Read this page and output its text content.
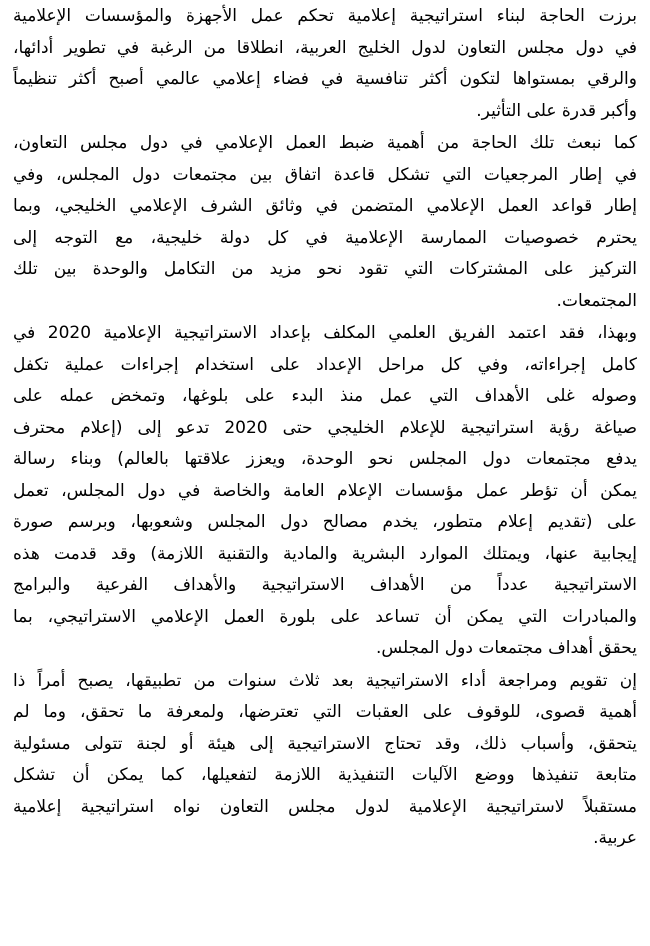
برزت الحاجة لبناء استراتيجية إعلامية تحكم عمل الأجهزة والمؤسسات الإعلامية
في دول مجلس التعاون لدول الخليج العربية، انطلاقا من الرغبة في تطوير أدائها،
والرقي بمستواها لتكون أكثر تنافسية في فضاء إعلامي عالمي أصبح أكثر تنظيماً
وأكبر قدرة على التأثير.

كما نبعث تلك الحاجة من أهمية ضبط العمل الإعلامي في دول مجلس التعاون،
في إطار المرجعيات التي تشكل قاعدة اتفاق بين مجتمعات دول المجلس، وفي
إطار قواعد العمل الإعلامي المتضمن في وثائق الشرف الإعلامي الخليجي، وبما
يحترم خصوصيات الممارسة الإعلامية في كل دولة خليجية، مع التوجه إلى
التركيز على المشتركات التي تقود نحو مزيد من التكامل والوحدة بين تلك
المجتمعات.

وبهذا، فقد اعتمد الفريق العلمي المكلف بإعداد الاستراتيجية الإعلامية 2020 في
كامل إجراءاته، وفي كل مراحل الإعداد على استخدام إجراءات عملية تكفل
وصوله غلى الأهداف التي عمل منذ البدء على بلوغها، وتمخض عمله على
صياغة رؤية استراتيجية للإعلام الخليجي حتى 2020 تدعو إلى (إعلام محترف
يدفع مجتمعات دول المجلس نحو الوحدة، ويعزز علاقتها بالعالم) وبناء رسالة
يمكن أن تؤطر عمل مؤسسات الإعلام العامة والخاصة في دول المجلس، تعمل
على (تقديم إعلام متطور، يخدم مصالح دول المجلس وشعوبها، وبرسم صورة
إيجابية عنها، ويمتلك الموارد البشرية والمادية والتقنية اللازمة) وقد قدمت هذه
الاستراتيجية عدداً من الأهداف الاستراتيجية والأهداف الفرعية والبرامج
والمبادرات التي يمكن أن تساعد على بلورة العمل الإعلامي الاستراتيجي، بما
يحقق أهداف مجتمعات دول المجلس.

إن تقويم ومراجعة أداء الاستراتيجية بعد ثلاث سنوات من تطبيقها، يصبح أمراً ذا
أهمية قصوى، للوقوف على العقبات التي تعترضها، ولمعرفة ما تحقق، وما لم
يتحقق، وأسباب ذلك، وقد تحتاج الاستراتيجية إلى هيئة أو لجنة تتولى مسئولية
متابعة تنفيذها ووضع الآليات التنفيذية اللازمة لتفعيلها، كما يمكن أن تشكل
مستقبلاً لاستراتيجية الإعلامية لدول مجلس التعاون نواه استراتيجية إعلامية
عربية.
